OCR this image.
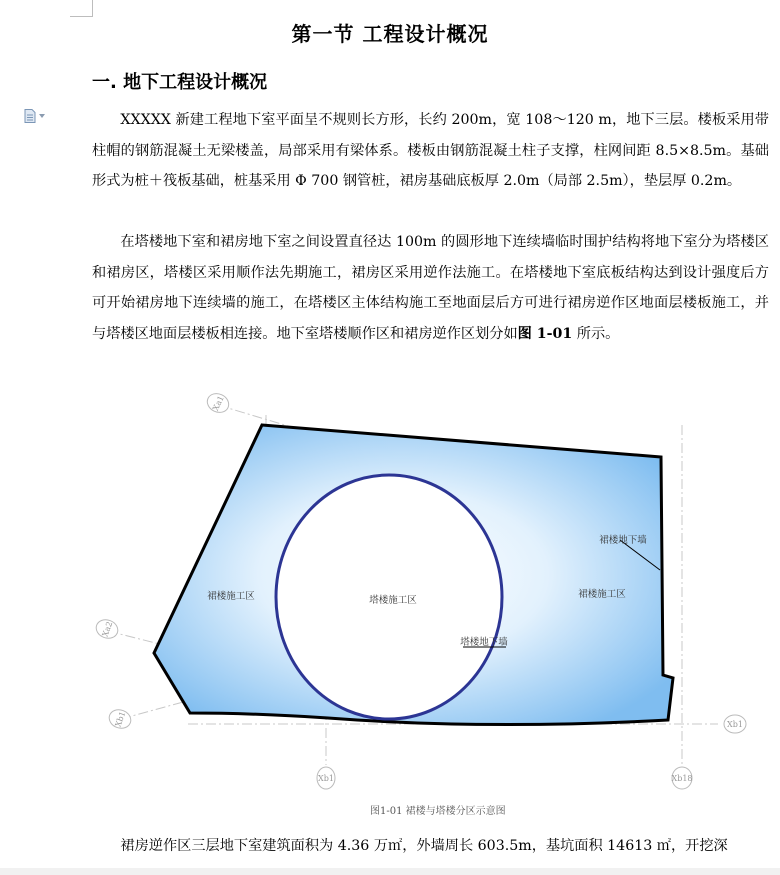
第一节 工程设计概况
一. 地下工程设计概况

XXXXX 新建工程地下室平面呈不规则长方形，长约 200m，宽 108～120 m，地下三层。楼板采用带柱帽的钢筋混凝土无梁楼盖，局部采用有梁体系。楼板由钢筋混凝土柱子支撑，柱网间距 8.5×8.5m。基础形式为桩＋筏板基础，桩基采用 Φ 700 钢管桩，裙房基础底板厚 2.0m（局部 2.5m），垫层厚 0.2m。

在塔楼地下室和裙房地下室之间设置直径达 100m 的圆形地下连续墙临时围护结构将地下室分为塔楼区和裙房区，塔楼区采用顺作法先期施工，裙房区采用逆作法施工。在塔楼地下室底板结构达到设计强度后方可开始裙房地下连续墙的施工，在塔楼区主体结构施工至地面层后方可进行裙房逆作区地面层楼板施工，并与塔楼区地面层楼板相连接。地下室塔楼顺作区和裙房逆作区划分如图 1-01 所示。

裙楼施工区	裙楼施工区
塔楼施工区
塔楼地下墙
裙楼地下墙
Xa1
Xa2
Xb1	Xb1
Xb1	Xb18
图1-01 裙楼与塔楼分区示意图

裙房逆作区三层地下室建筑面积为 4.36 万㎡，外墙周长 603.5m，基坑面积 14613 ㎡，开挖深
